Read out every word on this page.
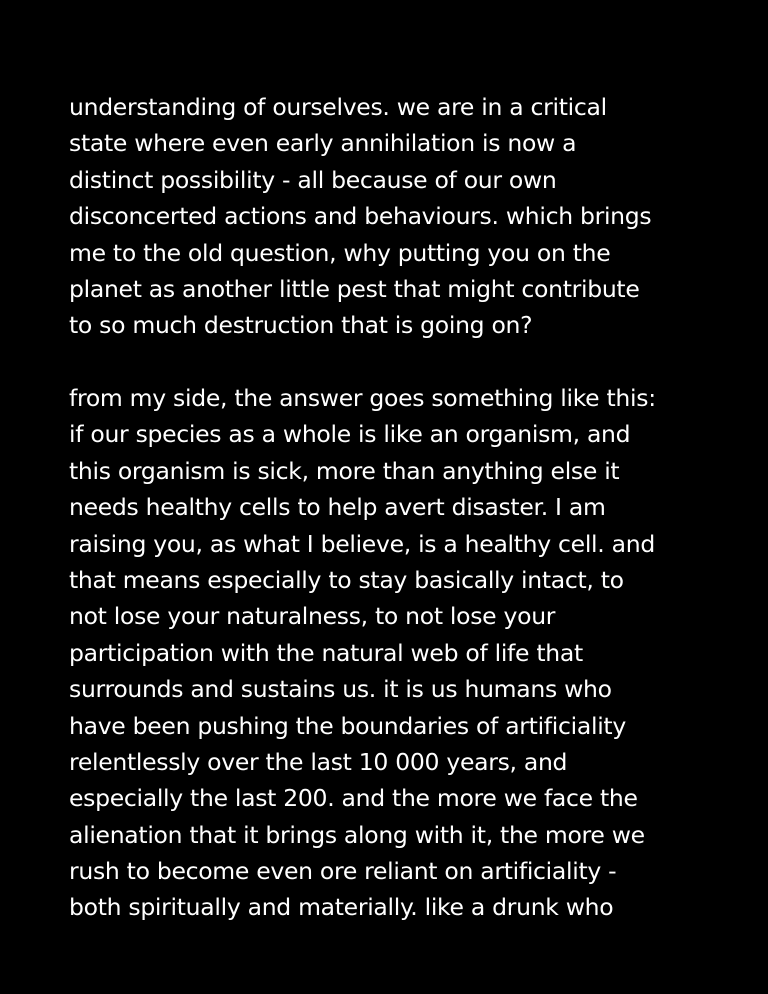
understanding of ourselves. we are in a critical
state where even early annihilation is now a
distinct possibility - all because of our own
disconcerted actions and behaviours. which brings
me to the old question, why putting you on the
planet as another little pest that might contribute
to so much destruction that is going on?
from my side, the answer goes something like this:
if our species as a whole is like an organism, and
this organism is sick, more than anything else it
needs healthy cells to help avert disaster. I am
raising you, as what I believe, is a healthy cell. and
that means especially to stay basically intact, to
not lose your naturalness, to not lose your
participation with the natural web of life that
surrounds and sustains us. it is us humans who
have been pushing the boundaries of artificiality
relentlessly over the last 10 000 years, and
especially the last 200. and the more we face the
alienation that it brings along with it, the more we
rush to become even ore reliant on artificiality -
both spiritually and materially. like a drunk who
